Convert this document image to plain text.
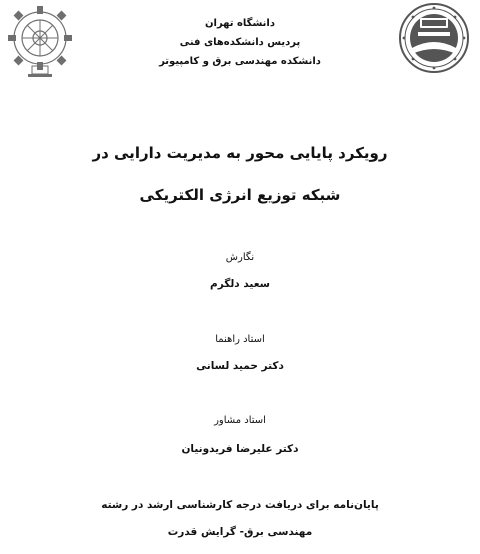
دانشگاه تهران
پردیس دانشکده‌های فنی
دانشکده مهندسی برق و کامپیوتر
رویکرد پایایی محور به مدیریت دارایی در
شبکه توزیع انرژی الکتریکی
نگارش
سعید دلگرم
استاد راهنما
دکتر حمید لسانی
استاد مشاور
دکتر علیرضا فریدونیان
پایان‌نامه برای دریافت درجه کارشناسی ارشد در رشته
مهندسی برق- گرایش قدرت
